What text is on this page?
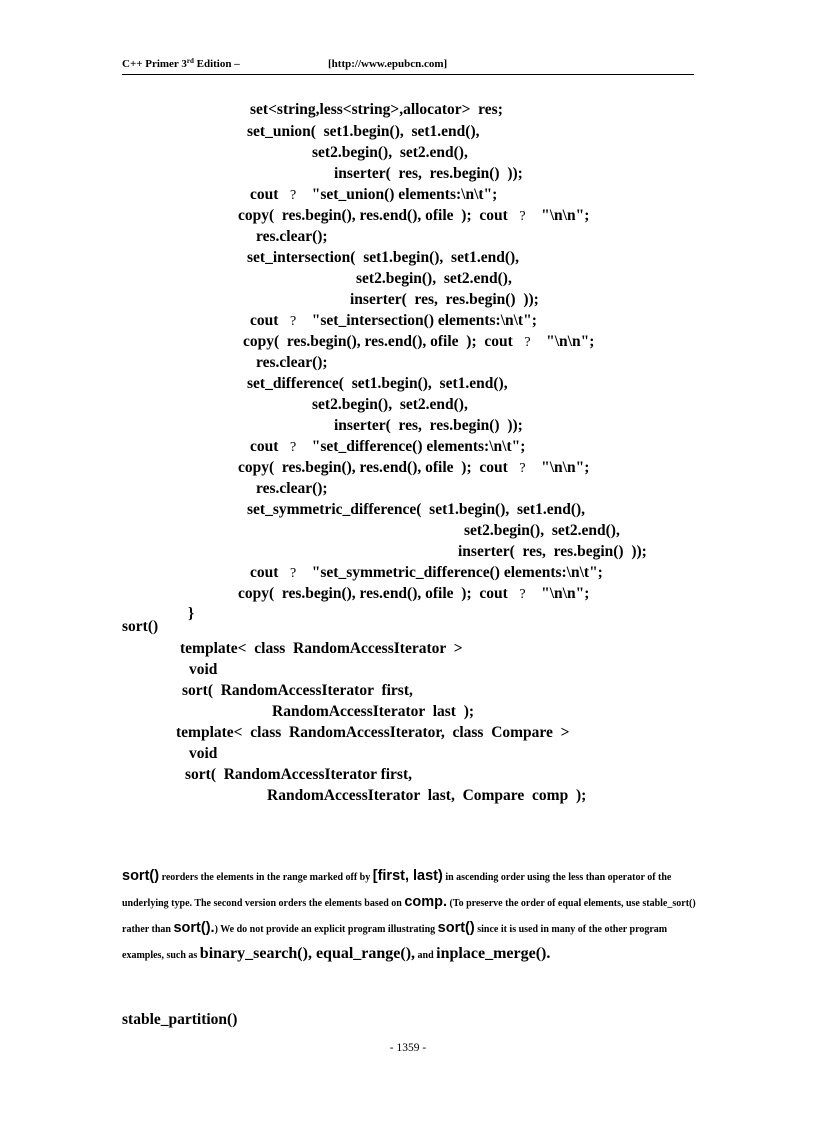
C++ Primer 3rd Edition –	[http://www.epubcn.com]
set<string,less<string>,allocator>  res;
set_union(  set1.begin(),  set1.end(),
set2.begin(),  set2.end(),
inserter(  res,  res.begin()  ));
cout ? "set_union() elements:\n\t";
copy(  res.begin(), res.end(), ofile  );  cout ? "\n\n";
res.clear();
set_intersection(  set1.begin(),  set1.end(),
set2.begin(),  set2.end(),
inserter(  res,  res.begin()  ));
cout ? "set_intersection() elements:\n\t";
copy(  res.begin(), res.end(), ofile  );  cout ? "\n\n";
res.clear();
set_difference(  set1.begin(),  set1.end(),
set2.begin(),  set2.end(),
inserter(  res,  res.begin()  ));
cout ? "set_difference() elements:\n\t";
copy(  res.begin(), res.end(), ofile  );  cout ? "\n\n";
res.clear();
set_symmetric_difference(  set1.begin(),  set1.end(),
set2.begin(),  set2.end(),
inserter(  res,  res.begin()  ));
cout ? "set_symmetric_difference() elements:\n\t";
copy(  res.begin(), res.end(), ofile  );  cout ? "\n\n";
}
sort()
template<  class  RandomAccessIterator  >
void
sort(  RandomAccessIterator  first,
RandomAccessIterator  last  );
template<  class  RandomAccessIterator,  class  Compare  >
void
sort(  RandomAccessIterator first,
RandomAccessIterator  last,  Compare  comp  );
sort() reorders the elements in the range marked off by [first, last) in ascending order using the less than operator of the underlying type. The second version orders the elements based on comp. (To preserve the order of equal elements, use stable_sort() rather than sort().) We do not provide an explicit program illustrating sort() since it is used in many of the other program examples, such as binary_search(), equal_range(), and inplace_merge().
stable_partition()
- 1359 -
